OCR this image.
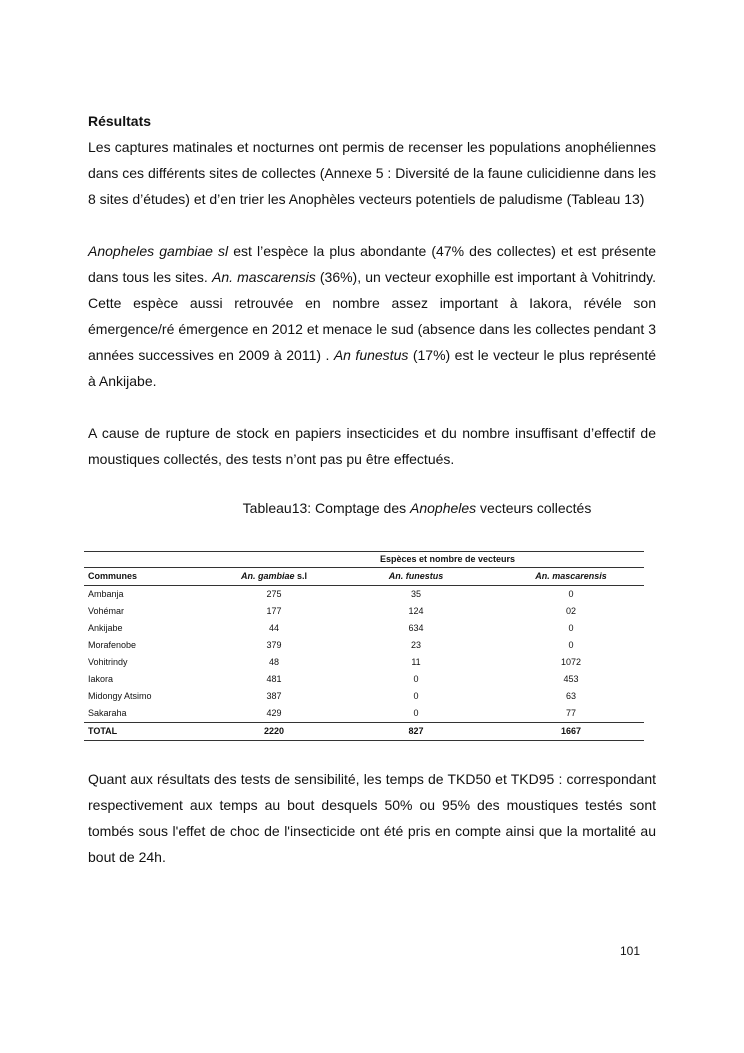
Résultats
Les captures matinales et nocturnes ont permis de recenser les populations anophéliennes dans ces différents sites de collectes (Annexe 5 : Diversité de la faune culicidienne dans les 8 sites d’études) et d’en trier les Anophèles vecteurs potentiels de paludisme (Tableau 13)
Anopheles gambiae sl est l’espèce la plus abondante (47% des collectes) et est présente dans tous les sites. An. mascarensis (36%), un vecteur exophille est important à Vohitrindy. Cette espèce aussi retrouvée en nombre assez important à Iakora, révéle son émergence/ré émergence en 2012 et menace le sud (absence dans les collectes pendant 3 années successives en 2009 à 2011) . An funestus (17%) est le vecteur le plus représenté à Ankijabe.
A cause de rupture de stock en papiers insecticides et du nombre insuffisant d’effectif de moustiques collectés, des tests n’ont pas pu être effectués.
Tableau13: Comptage des Anopheles vecteurs collectés
		Espèces et nombre de vecteurs	
Communes	An. gambiae s.l	An. funestus	An. mascarensis
Ambanja	275	35	0
Vohémar	177	124	02
Ankijabe	44	634	0
Morafenobe	379	23	0
Vohitrindy	48	11	1072
Iakora	481	0	453
Midongy Atsimo	387	0	63
Sakaraha	429	0	77
TOTAL	2220	827	1667
Quant aux résultats des tests de sensibilité, les temps de TKD50 et TKD95 : correspondant respectivement aux temps au bout desquels 50% ou 95% des moustiques testés sont tombés sous l'effet de choc de l'insecticide ont été pris en compte ainsi que la mortalité au bout de 24h.
101
